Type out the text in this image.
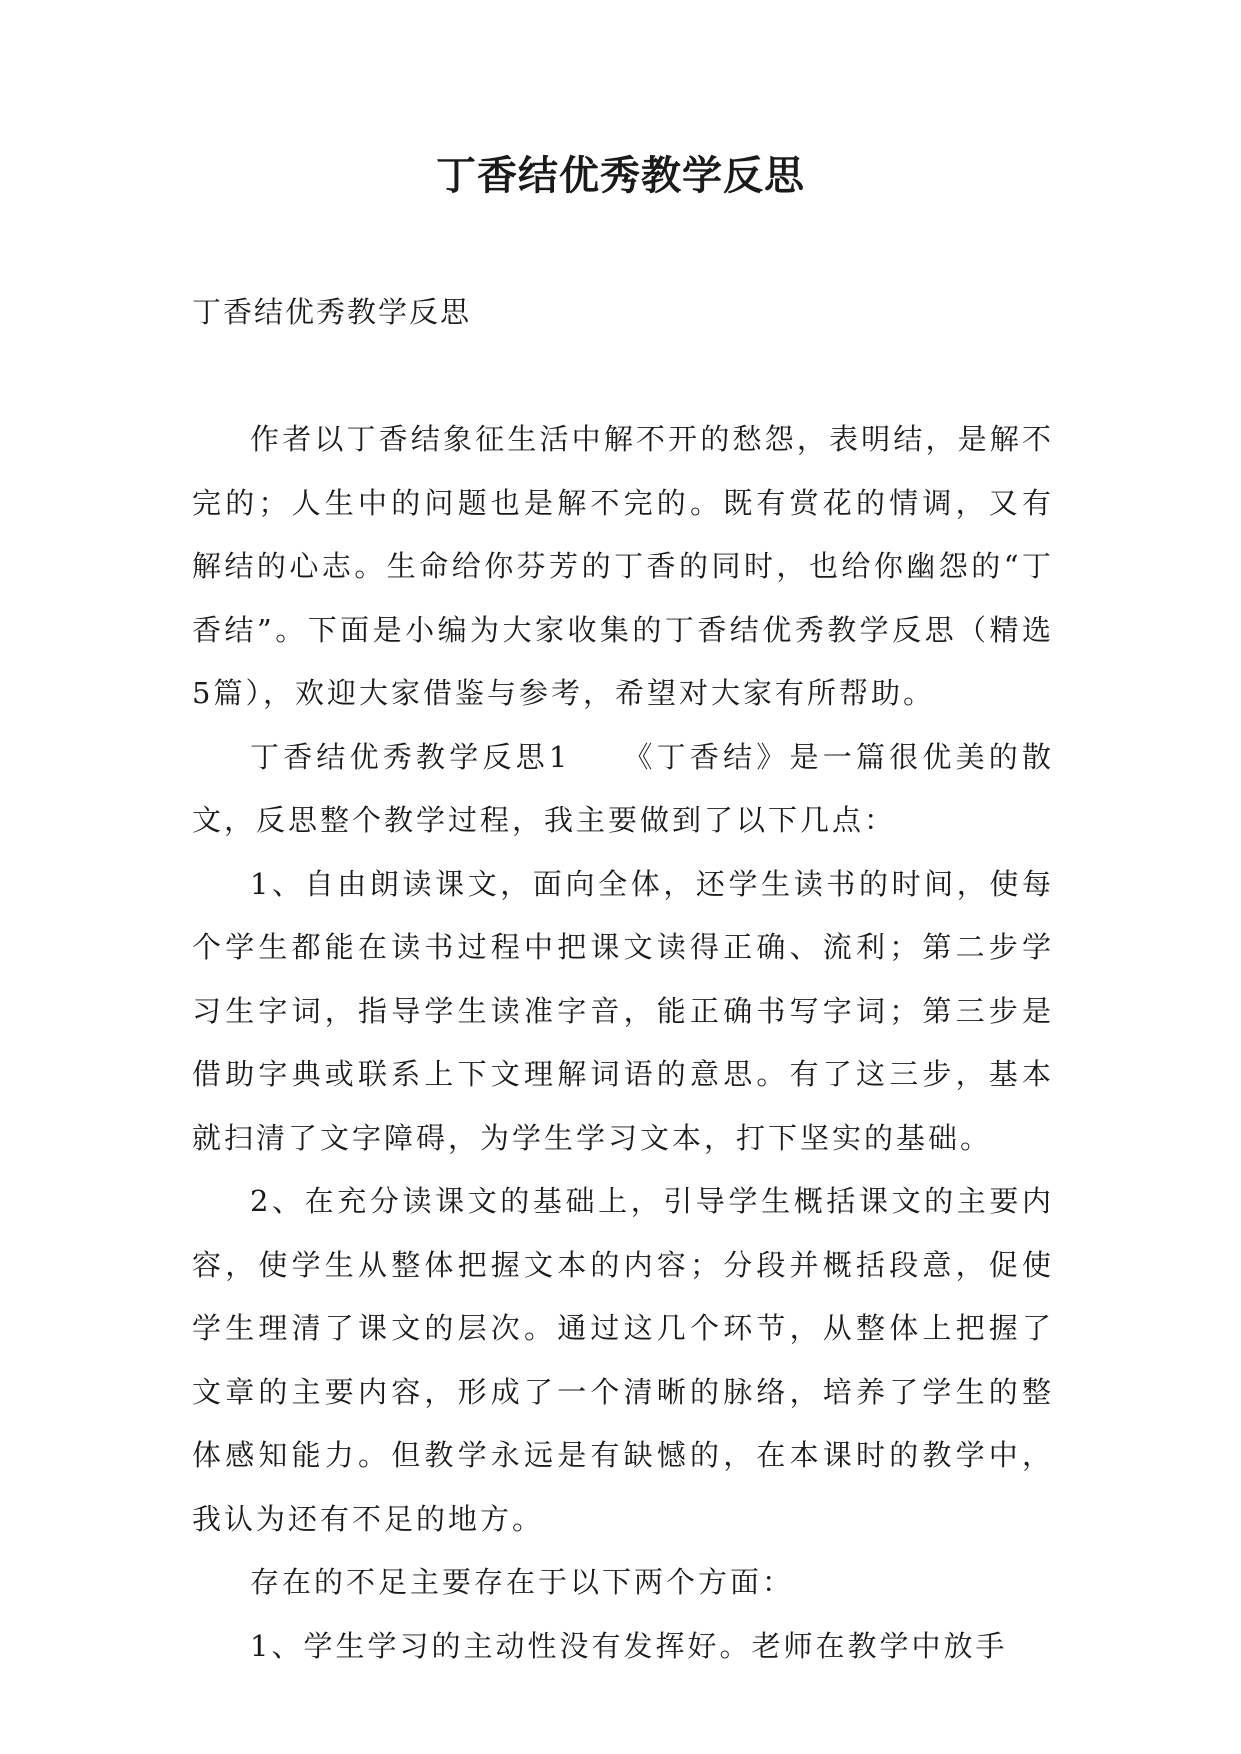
丁香结优秀教学反思
丁香结优秀教学反思

作者以丁香结象征生活中解不开的愁怨，表明结，是解不完的；人生中的问题也是解不完的。既有赏花的情调，又有解结的心志。生命给你芬芳的丁香的同时，也给你幽怨的“丁香结”。下面是小编为大家收集的丁香结优秀教学反思（精选5篇），欢迎大家借鉴与参考，希望对大家有所帮助。

丁香结优秀教学反思1　　《丁香结》是一篇很优美的散文，反思整个教学过程，我主要做到了以下几点：

1、自由朗读课文，面向全体，还学生读书的时间，使每个学生都能在读书过程中把课文读得正确、流利；第二步学习生字词，指导学生读准字音，能正确书写字词；第三步是借助字典或联系上下文理解词语的意思。有了这三步，基本就扫清了文字障碍，为学生学习文本，打下坚实的基础。

2、在充分读课文的基础上，引导学生概括课文的主要内容，使学生从整体把握文本的内容；分段并概括段意，促使学生理清了课文的层次。通过这几个环节，从整体上把握了文章的主要内容，形成了一个清晰的脉络，培养了学生的整体感知能力。但教学永远是有缺憾的，在本课时的教学中，我认为还有不足的地方。

存在的不足主要存在于以下两个方面：

1、学生学习的主动性没有发挥好。老师在教学中放手
